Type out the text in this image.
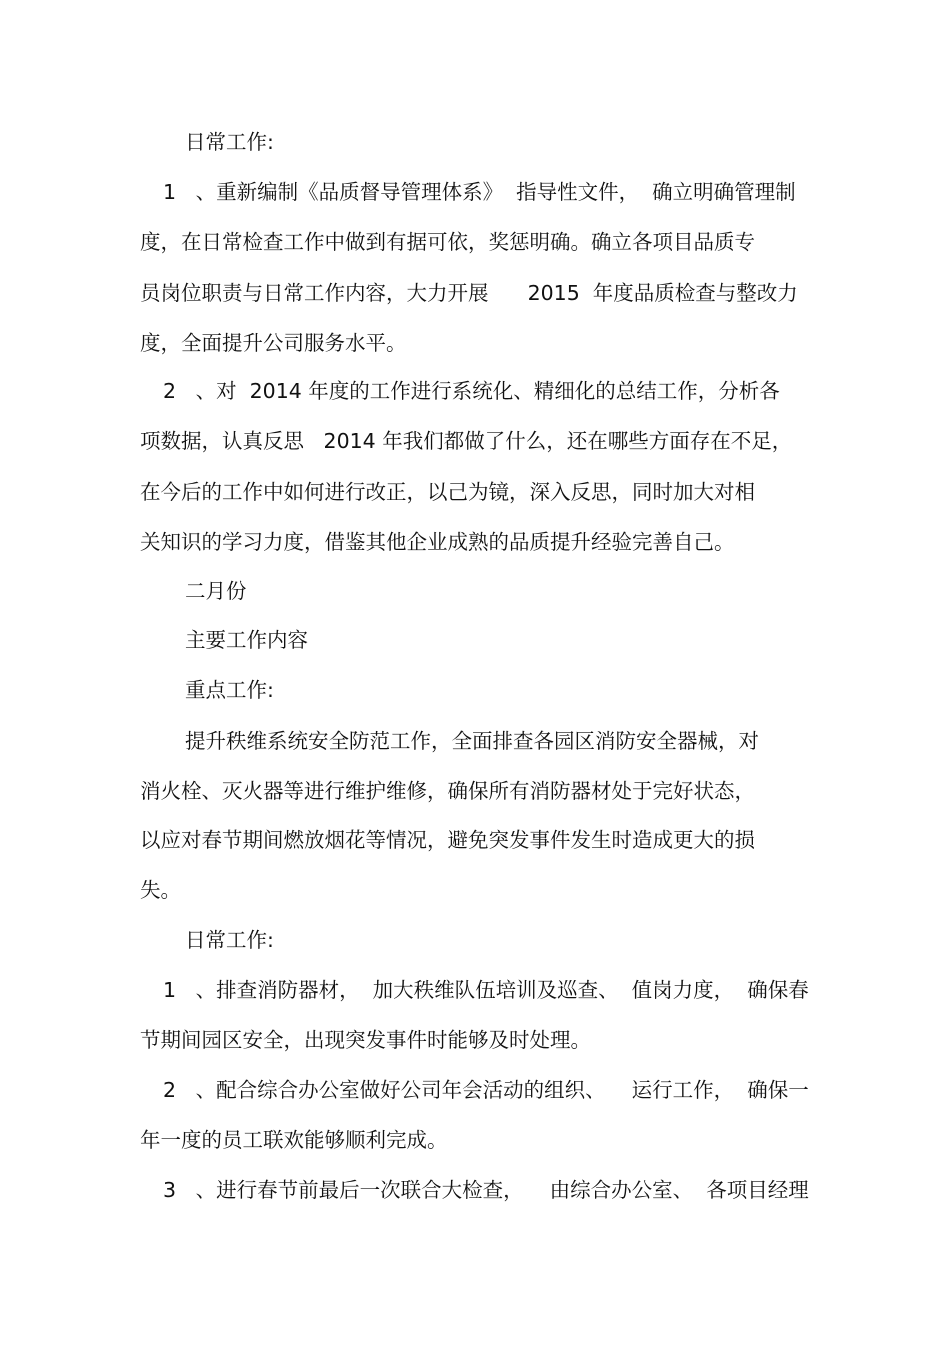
日常工作:
1   、重新编制《品质督导管理体系》  指导性文件，  确立明确管理制
度，在日常检查工作中做到有据可依，奖惩明确。确立各项目品质专
员岗位职责与日常工作内容，大力开展      2015  年度品质检查与整改力
度，全面提升公司服务水平。
2   、对  2014 年度的工作进行系统化、精细化的总结工作，分析各
项数据，认真反思   2014 年我们都做了什么，还在哪些方面存在不足，
在今后的工作中如何进行改正，以己为镜，深入反思，同时加大对相
关知识的学习力度，借鉴其他企业成熟的品质提升经验完善自己。
二月份
主要工作内容
重点工作:
提升秩维系统安全防范工作，全面排查各园区消防安全器械，对
消火栓、灭火器等进行维护维修，确保所有消防器材处于完好状态，
以应对春节期间燃放烟花等情况，避免突发事件发生时造成更大的损
失。
日常工作:
1   、排查消防器材，  加大秩维队伍培训及巡查、  值岗力度，  确保春
节期间园区安全，出现突发事件时能够及时处理。
2   、配合综合办公室做好公司年会活动的组织、    运行工作，  确保一
年一度的员工联欢能够顺利完成。
3   、进行春节前最后一次联合大检查，    由综合办公室、  各项目经理
